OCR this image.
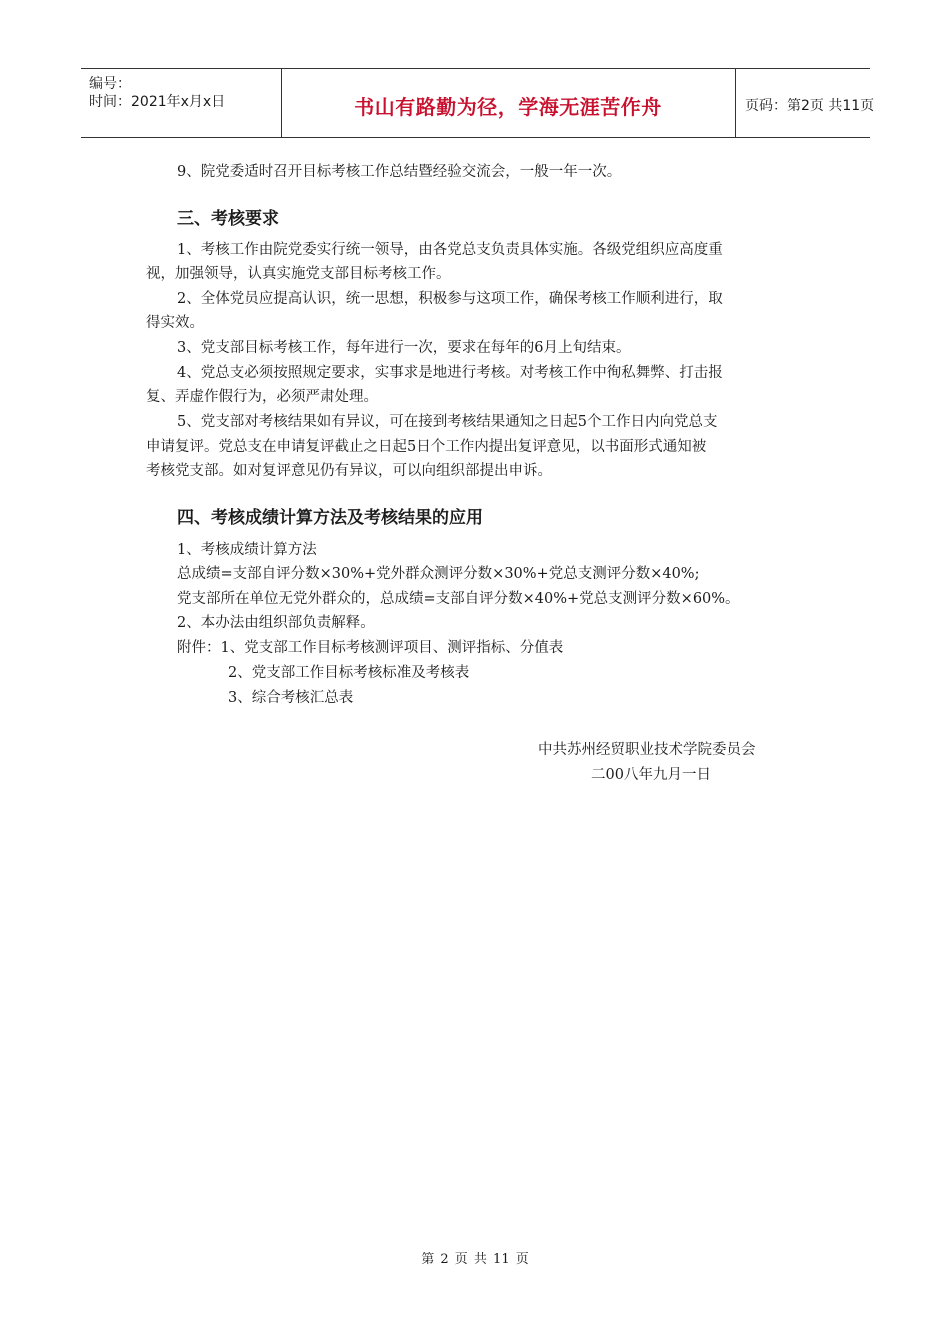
编号：
时间：2021年x月x日	书山有路勤为径，学海无涯苦作舟	页码：第2页 共11页
9、院党委适时召开目标考核工作总结暨经验交流会，一般一年一次。
三、考核要求
1、考核工作由院党委实行统一领导，由各党总支负责具体实施。各级党组织应高度重
视，加强领导，认真实施党支部目标考核工作。
2、全体党员应提高认识，统一思想，积极参与这项工作，确保考核工作顺利进行，取
得实效。
3、党支部目标考核工作，每年进行一次，要求在每年的6月上旬结束。
4、党总支必须按照规定要求，实事求是地进行考核。对考核工作中徇私舞弊、打击报
复、弄虚作假行为，必须严肃处理。
5、党支部对考核结果如有异议，可在接到考核结果通知之日起5个工作日内向党总支
申请复评。党总支在申请复评截止之日起5日个工作内提出复评意见，以书面形式通知被
考核党支部。如对复评意见仍有异议，可以向组织部提出申诉。
四、考核成绩计算方法及考核结果的应用
1、考核成绩计算方法
总成绩=支部自评分数×30%+党外群众测评分数×30%+党总支测评分数×40%;
党支部所在单位无党外群众的，总成绩=支部自评分数×40%+党总支测评分数×60%。
2、本办法由组织部负责解释。
附件：1、党支部工作目标考核测评项目、测评指标、分值表
2、党支部工作目标考核标准及考核表
3、综合考核汇总表
中共苏州经贸职业技术学院委员会
二00八年九月一日
第 2 页 共 11 页
